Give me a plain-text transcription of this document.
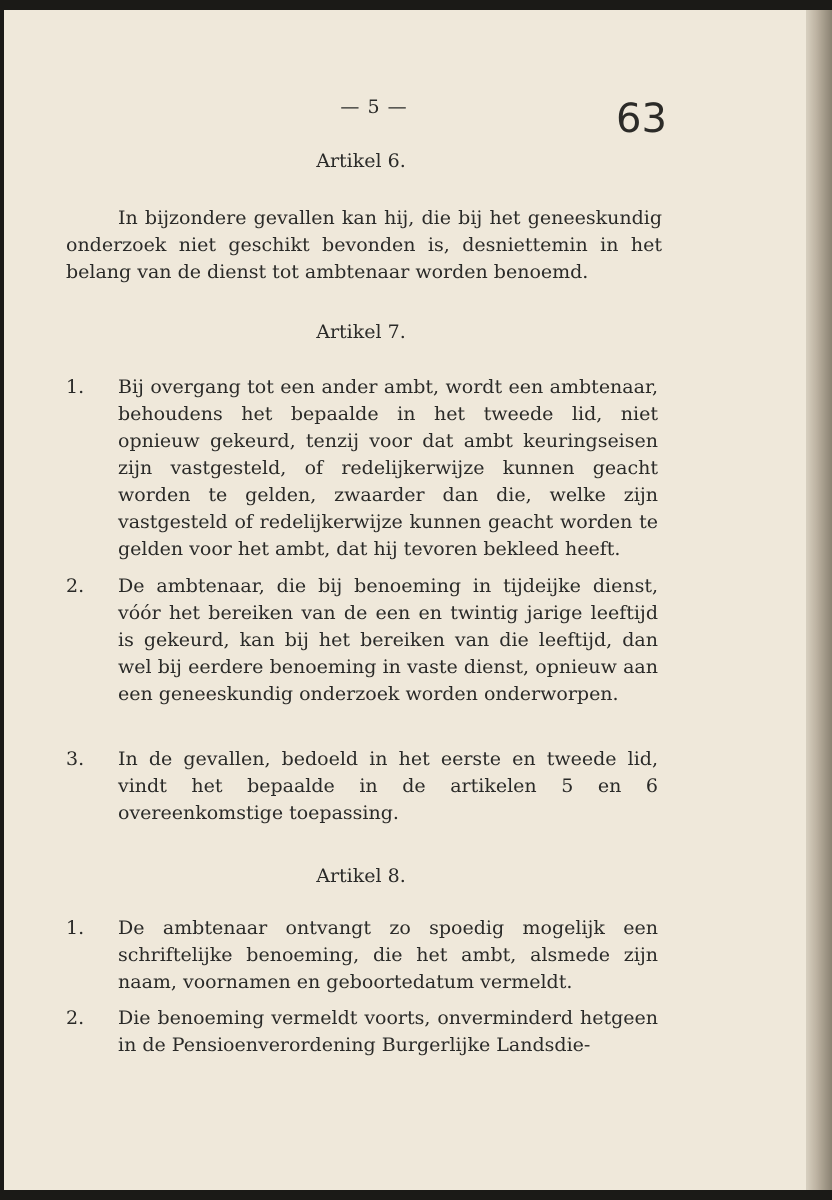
— 5 —	63
Artikel 6.
In bijzondere gevallen kan hij, die bij het geneeskundig onderzoek niet geschikt bevonden is, desniettemin in het belang van de dienst tot ambtenaar worden benoemd.
Artikel 7.
1.	Bij overgang tot een ander ambt, wordt een ambtenaar, behoudens het bepaalde in het tweede lid, niet opnieuw gekeurd, tenzij voor dat ambt keuringseisen zijn vastgesteld, of redelijkerwijze kunnen geacht worden te gelden, zwaarder dan die, welke zijn vastgesteld of redelijkerwijze kunnen geacht worden te gelden voor het ambt, dat hij tevoren bekleed heeft.
2.	De ambtenaar, die bij benoeming in tijdeijke dienst, vóór het bereiken van de een en twintig jarige leeftijd is gekeurd, kan bij het bereiken van die leeftijd, dan wel bij eerdere benoeming in vaste dienst, opnieuw aan een geneeskundig onderzoek worden onderworpen.
3.	In de gevallen, bedoeld in het eerste en tweede lid, vindt het bepaalde in de artikelen 5 en 6 overeenkomstige toepassing.
Artikel 8.
1.	De ambtenaar ontvangt zo spoedig mogelijk een schriftelijke benoeming, die het ambt, alsmede zijn naam, voornamen en geboortedatum vermeldt.
2.	Die benoeming vermeldt voorts, onverminderd hetgeen in de Pensioenverordening Burgerlijke Landsdie-
